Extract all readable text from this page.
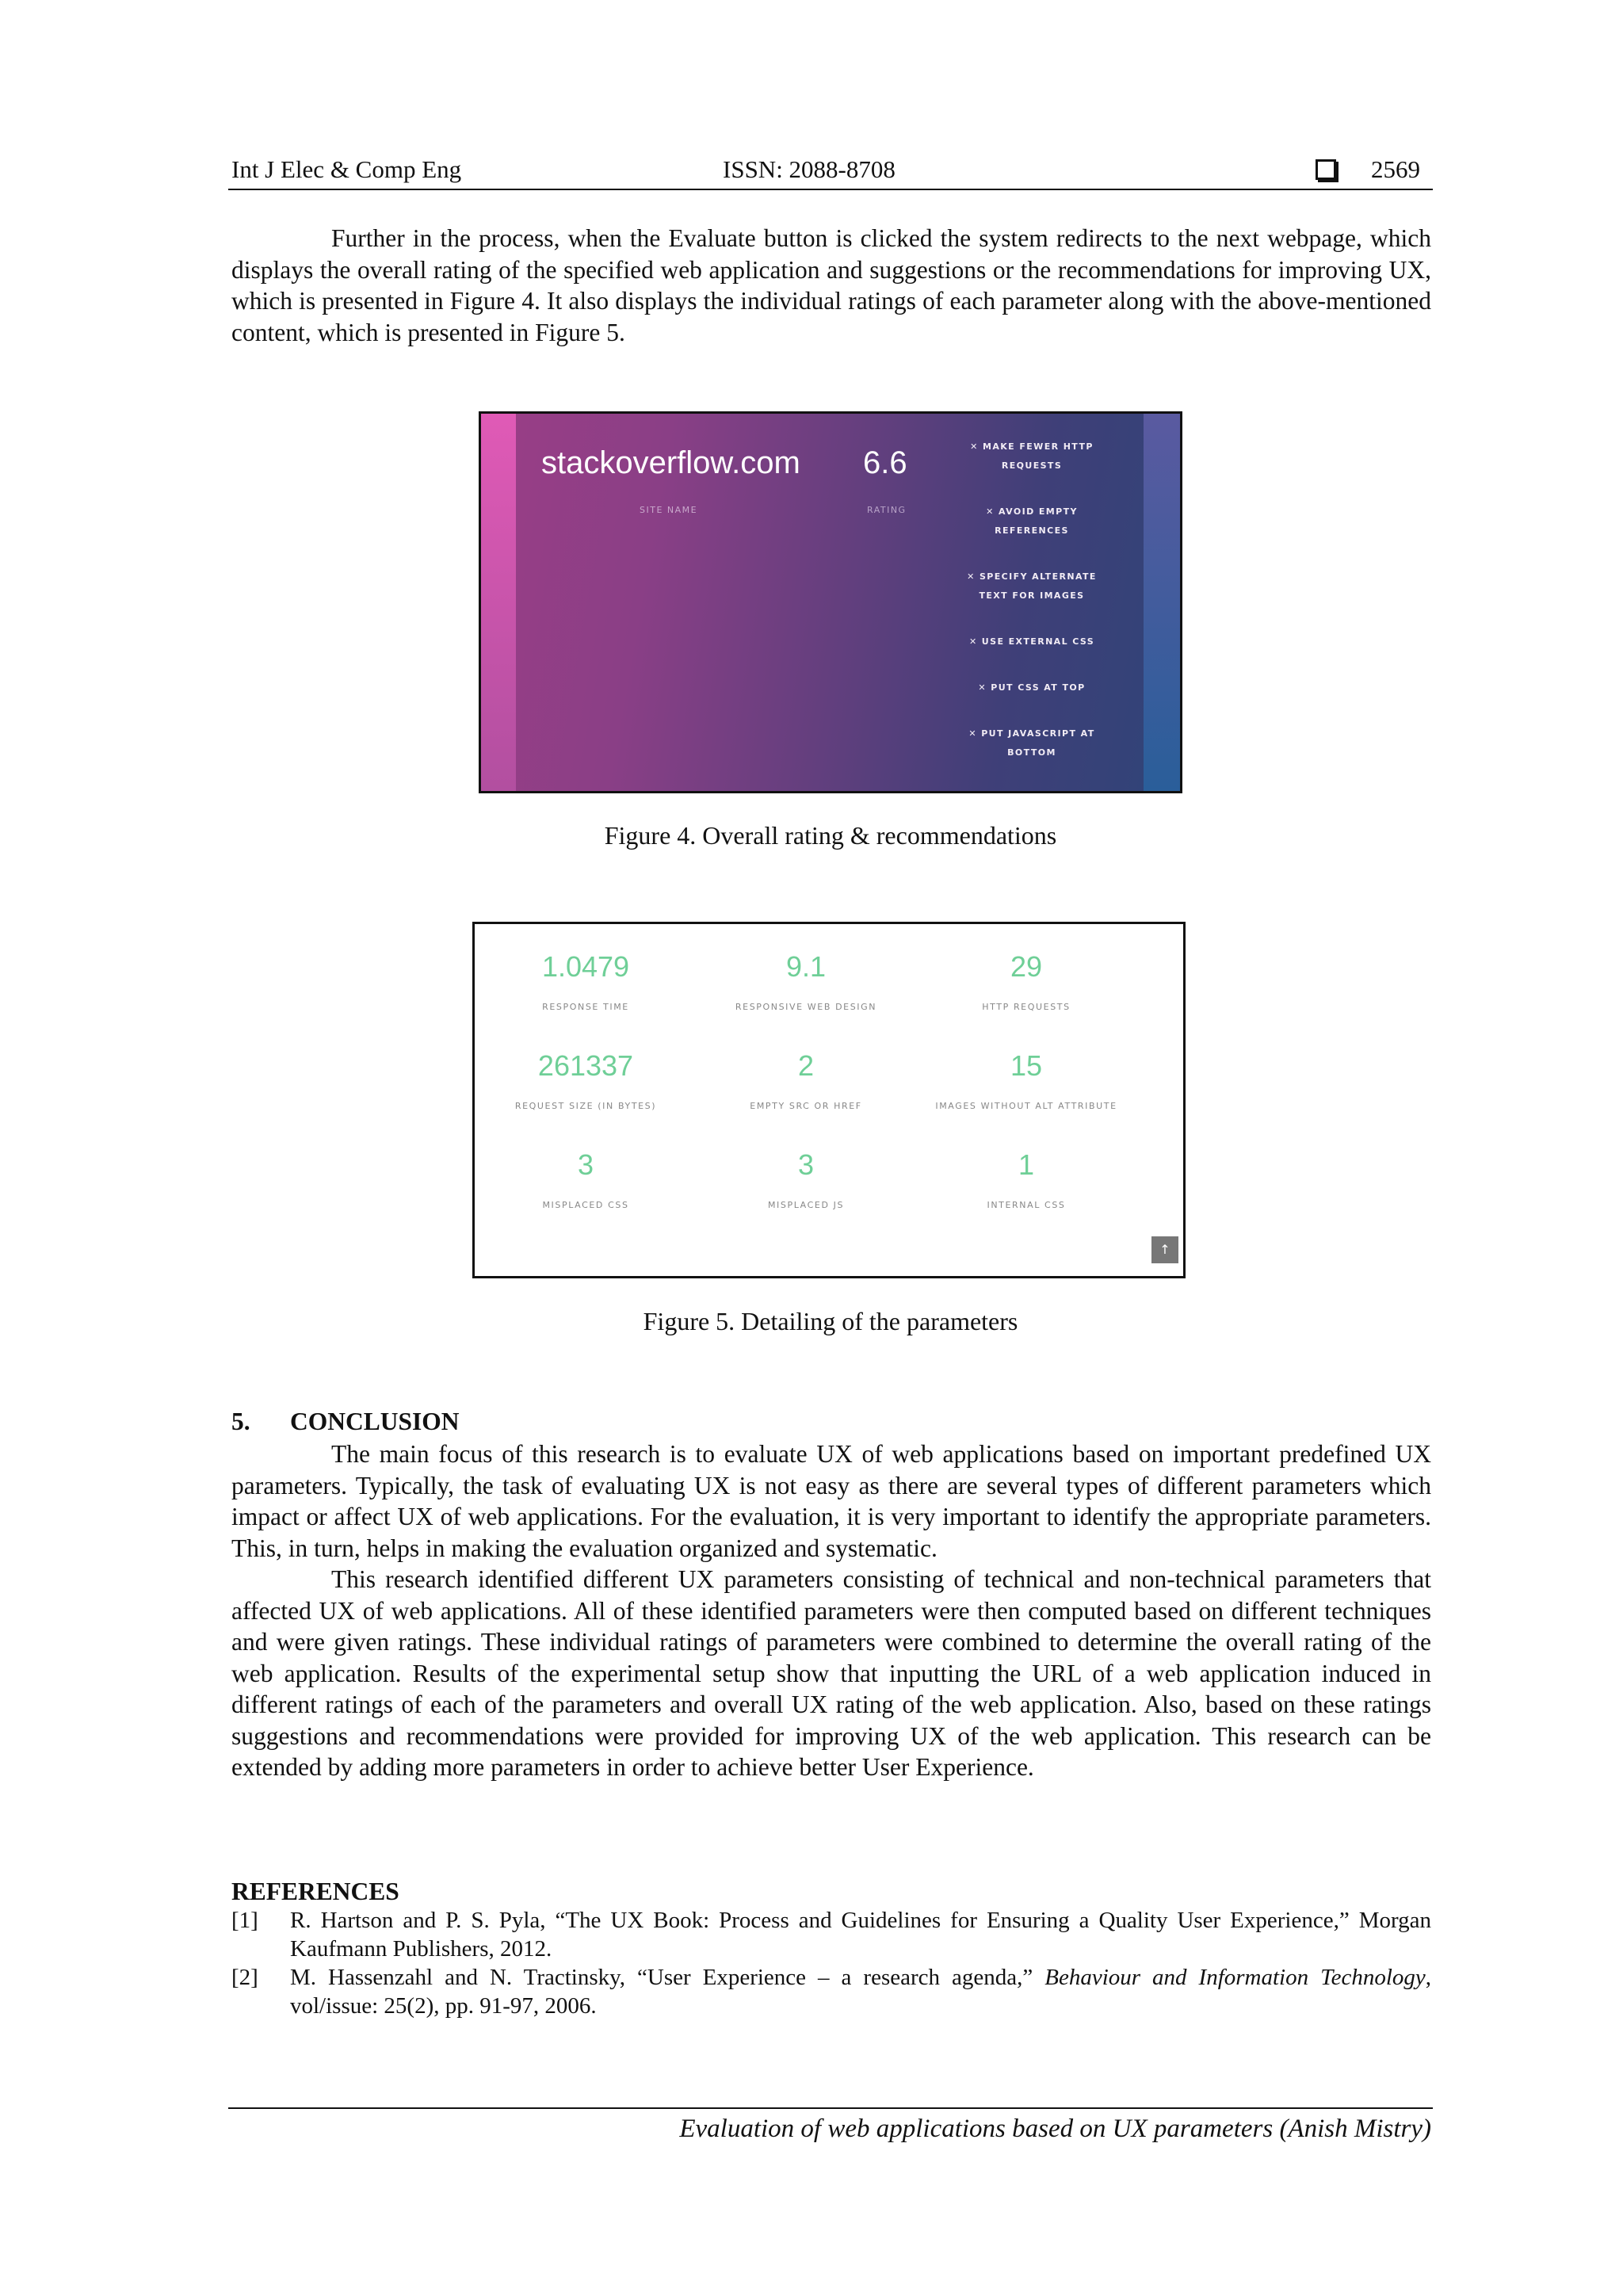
Int J Elec & Comp Eng	ISSN: 2088-8708	2569
Further in the process, when the Evaluate button is clicked the system redirects to the next webpage, which displays the overall rating of the specified web application and suggestions or the recommendations for improving UX, which is presented in Figure 4. It also displays the individual ratings of each parameter along with the above-mentioned content, which is presented in Figure 5.
stackoverflow.com
SITE NAME
6.6
RATING
✕ MAKE FEWER HTTP
REQUESTS
✕ AVOID EMPTY
REFERENCES
✕ SPECIFY ALTERNATE
TEXT FOR IMAGES
✕ USE EXTERNAL CSS
✕ PUT CSS AT TOP
✕ PUT JAVASCRIPT AT
BOTTOM
Figure 4. Overall rating & recommendations
1.0479
RESPONSE TIME
9.1
RESPONSIVE WEB DESIGN
29
HTTP REQUESTS
261337
REQUEST SIZE (IN BYTES)
2
EMPTY SRC OR HREF
15
IMAGES WITHOUT ALT ATTRIBUTE
3
MISPLACED CSS
3
MISPLACED JS
1
INTERNAL CSS
↑
Figure 5. Detailing of the parameters
5. CONCLUSION
The main focus of this research is to evaluate UX of web applications based on important predefined UX parameters. Typically, the task of evaluating UX is not easy as there are several types of different parameters which impact or affect UX of web applications. For the evaluation, it is very important to identify the appropriate parameters. This, in turn, helps in making the evaluation organized and systematic.
This research identified different UX parameters consisting of technical and non-technical parameters that affected UX of web applications. All of these identified parameters were then computed based on different techniques and were given ratings. These individual ratings of parameters were combined to determine the overall rating of the web application. Results of the experimental setup show that inputting the URL of a web application induced in different ratings of each of the parameters and overall UX rating of the web application. Also, based on these ratings suggestions and recommendations were provided for improving UX of the web application. This research can be extended by adding more parameters in order to achieve better User Experience.
REFERENCES
[1] R. Hartson and P. S. Pyla, “The UX Book: Process and Guidelines for Ensuring a Quality User Experience,” Morgan Kaufmann Publishers, 2012.
[2] M. Hassenzahl and N. Tractinsky, “User Experience – a research agenda,” Behaviour and Information Technology, vol/issue: 25(2), pp. 91-97, 2006.
Evaluation of web applications based on UX parameters (Anish Mistry)
